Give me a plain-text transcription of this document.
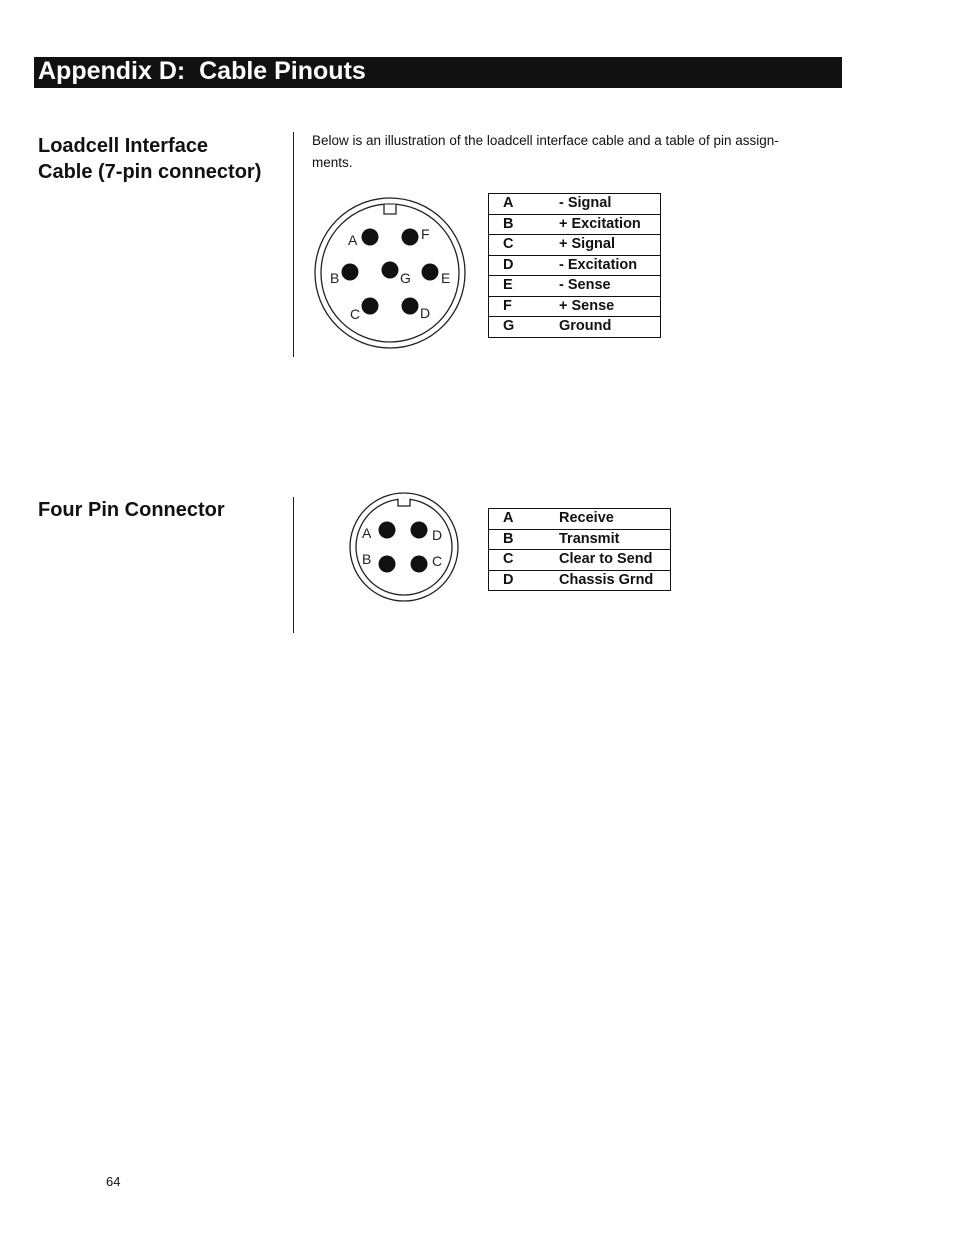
Appendix D:  Cable Pinouts
Loadcell Interface
Cable (7-pin connector)

Below is an illustration of the loadcell interface cable and a table of pin assign-
ments.

A	F
B	G E
C	D
A	- Signal
B	+ Excitation
C	+ Signal
D	- Excitation
E	- Sense
F	+ Sense
G	Ground
Four Pin Connector
A	D
B	C
A	Receive
B	Transmit
C	Clear to Send
D	Chassis Grnd

64
